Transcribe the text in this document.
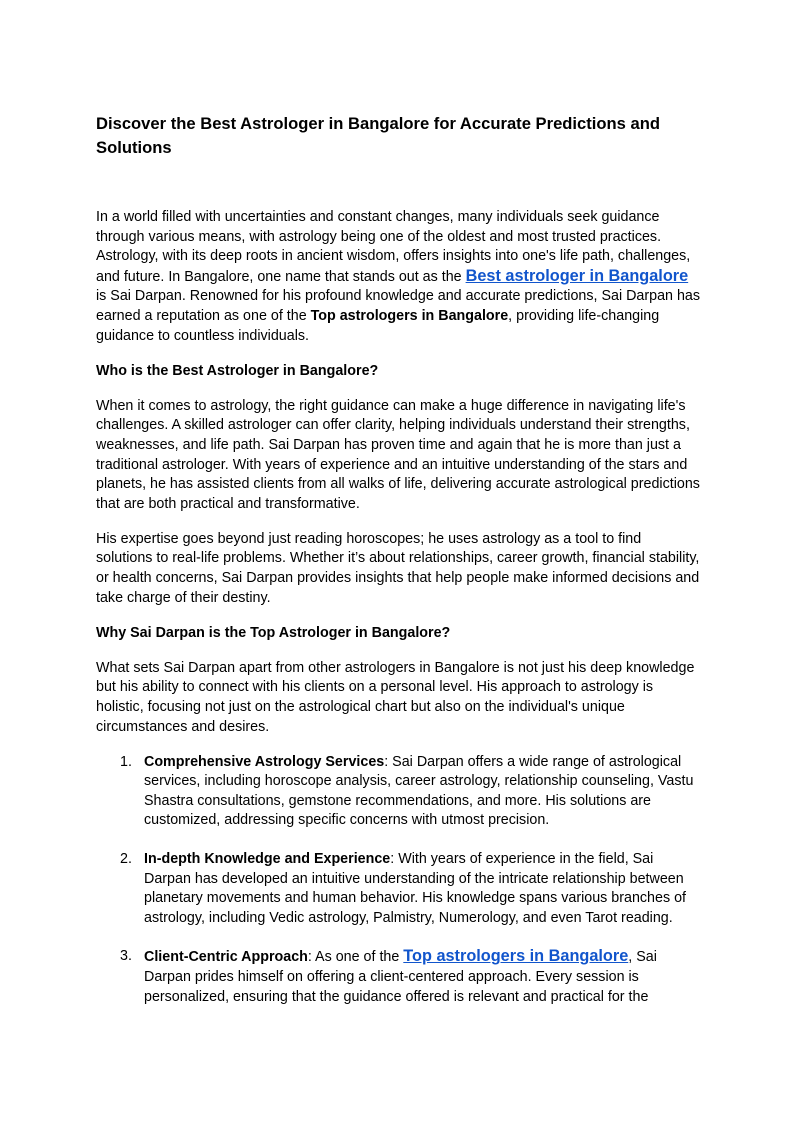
Discover the Best Astrologer in Bangalore for Accurate Predictions and Solutions

In a world filled with uncertainties and constant changes, many individuals seek guidance through various means, with astrology being one of the oldest and most trusted practices. Astrology, with its deep roots in ancient wisdom, offers insights into one's life path, challenges, and future. In Bangalore, one name that stands out as the Best astrologer in Bangalore is Sai Darpan. Renowned for his profound knowledge and accurate predictions, Sai Darpan has earned a reputation as one of the Top astrologers in Bangalore, providing life-changing guidance to countless individuals.

Who is the Best Astrologer in Bangalore?

When it comes to astrology, the right guidance can make a huge difference in navigating life's challenges. A skilled astrologer can offer clarity, helping individuals understand their strengths, weaknesses, and life path. Sai Darpan has proven time and again that he is more than just a traditional astrologer. With years of experience and an intuitive understanding of the stars and planets, he has assisted clients from all walks of life, delivering accurate astrological predictions that are both practical and transformative.

His expertise goes beyond just reading horoscopes; he uses astrology as a tool to find solutions to real-life problems. Whether it’s about relationships, career growth, financial stability, or health concerns, Sai Darpan provides insights that help people make informed decisions and take charge of their destiny.

Why Sai Darpan is the Top Astrologer in Bangalore?

What sets Sai Darpan apart from other astrologers in Bangalore is not just his deep knowledge but his ability to connect with his clients on a personal level. His approach to astrology is holistic, focusing not just on the astrological chart but also on the individual's unique circumstances and desires.

1. Comprehensive Astrology Services: Sai Darpan offers a wide range of astrological services, including horoscope analysis, career astrology, relationship counseling, Vastu Shastra consultations, gemstone recommendations, and more. His solutions are customized, addressing specific concerns with utmost precision.
2. In-depth Knowledge and Experience: With years of experience in the field, Sai Darpan has developed an intuitive understanding of the intricate relationship between planetary movements and human behavior. His knowledge spans various branches of astrology, including Vedic astrology, Palmistry, Numerology, and even Tarot reading.
3. Client-Centric Approach: As one of the Top astrologers in Bangalore, Sai Darpan prides himself on offering a client-centered approach. Every session is personalized, ensuring that the guidance offered is relevant and practical for the
